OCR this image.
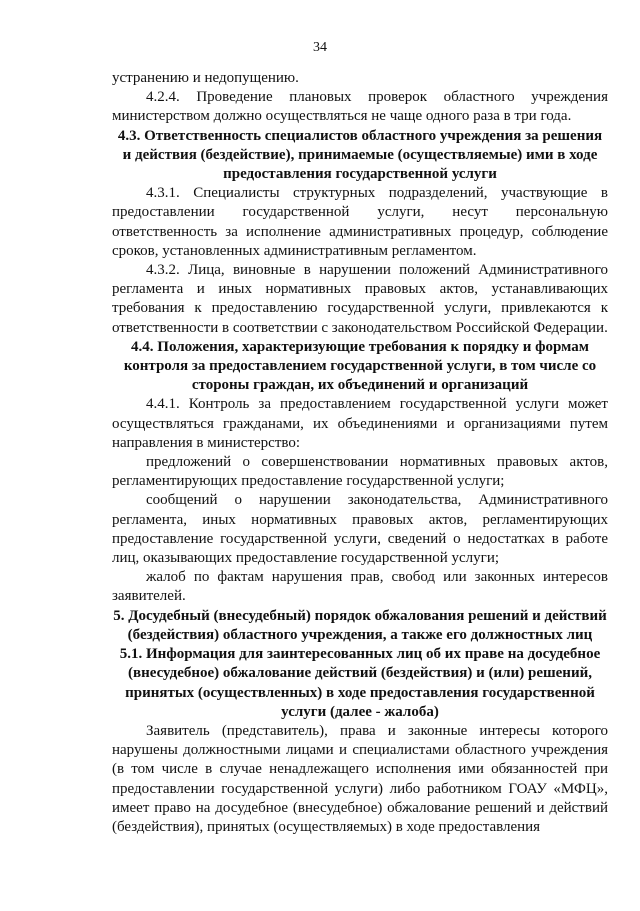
34

устранению и недопущению.

4.2.4. Проведение плановых проверок областного учреждения министерством должно осуществляться не чаще одного раза в три года.

4.3. Ответственность специалистов областного учреждения за решения и действия (бездействие), принимаемые (осуществляемые) ими в ходе предоставления государственной услуги

4.3.1. Специалисты структурных подразделений, участвующие в предоставлении государственной услуги, несут персональную ответственность за исполнение административных процедур, соблюдение сроков, установленных административным регламентом.

4.3.2. Лица, виновные в нарушении положений Административного регламента и иных нормативных правовых актов, устанавливающих требования к предоставлению государственной услуги, привлекаются к ответственности в соответствии с законодательством Российской Федерации.

4.4. Положения, характеризующие требования к порядку и формам контроля за предоставлением государственной услуги, в том числе со стороны граждан, их объединений и организаций

4.4.1. Контроль за предоставлением государственной услуги может осуществляться гражданами, их объединениями и организациями путем направления в министерство:

предложений о совершенствовании нормативных правовых актов, регламентирующих предоставление государственной услуги;

сообщений о нарушении законодательства, Административного регламента, иных нормативных правовых актов, регламентирующих предоставление государственной услуги, сведений о недостатках в работе лиц, оказывающих предоставление государственной услуги;

жалоб по фактам нарушения прав, свобод или законных интересов заявителей.

5. Досудебный (внесудебный) порядок обжалования решений и действий (бездействия) областного учреждения, а также его должностных лиц
5.1. Информация для заинтересованных лиц об их праве на досудебное (внесудебное) обжалование действий (бездействия) и (или) решений, принятых (осуществленных) в ходе предоставления государственной услуги (далее - жалоба)

Заявитель (представитель), права и законные интересы которого нарушены должностными лицами и специалистами областного учреждения (в том числе в случае ненадлежащего исполнения ими обязанностей при предоставлении государственной услуги) либо работником ГОАУ «МФЦ», имеет право на досудебное (внесудебное) обжалование решений и действий (бездействия), принятых (осуществляемых) в ходе предоставления
